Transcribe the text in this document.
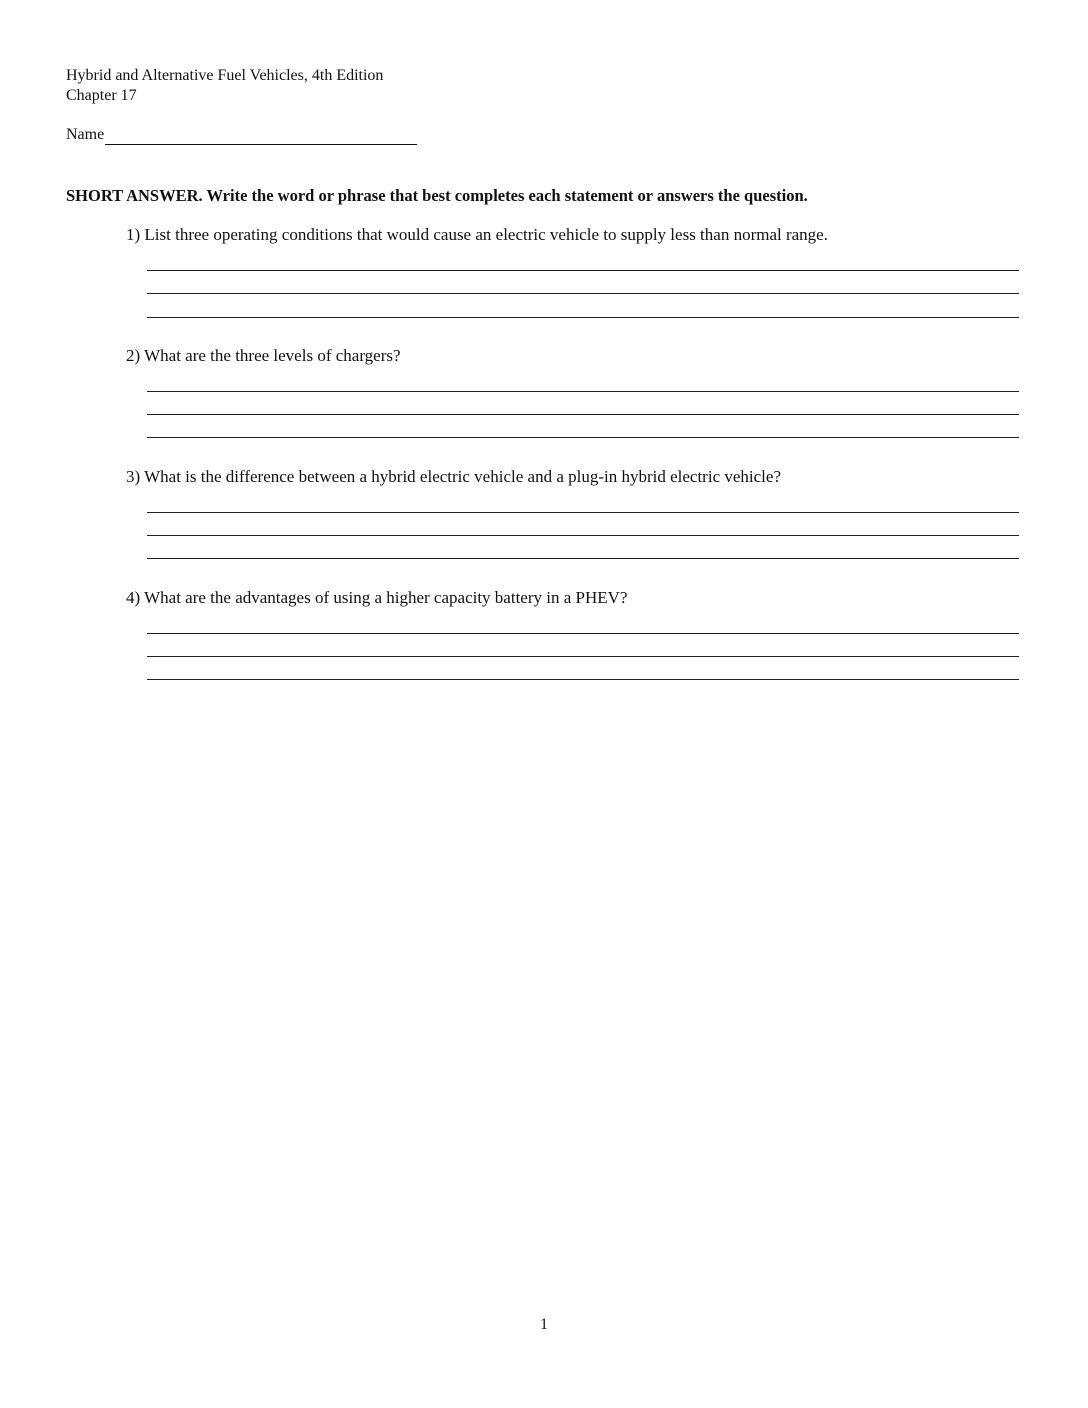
Hybrid and Alternative Fuel Vehicles, 4th Edition
Chapter 17
Name
SHORT ANSWER. Write the word or phrase that best completes each statement or answers the question.
1) List three operating conditions that would cause an electric vehicle to supply less than normal range.
2) What are the three levels of chargers?
3) What is the difference between a hybrid electric vehicle and a plug-in hybrid electric vehicle?
4) What are the advantages of using a higher capacity battery in a PHEV?
1
